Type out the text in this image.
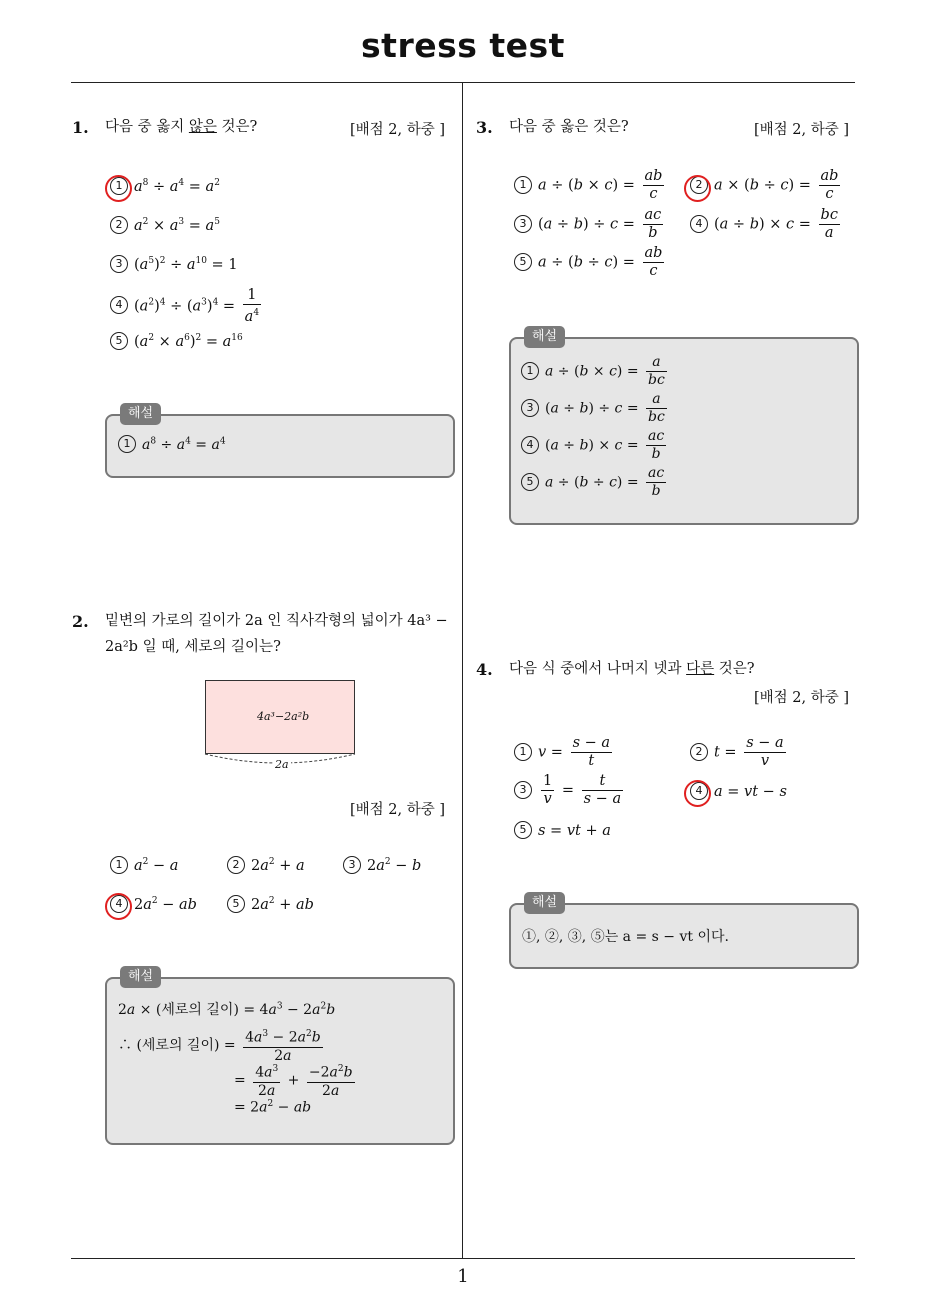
stress test
1
1. 다음 중 옳지 않은 것은?	[배점 2, 하중 ]
1 $a^8 \div a^4 = a^2$
2 $a^2 \times a^3 = a^5$
3 $(a^5)^2 \div a^{10} = 1$
4 $(a^2)^4 \div (a^3)^4 = \frac{1}{a^4}$
5 $(a^2 \times a^6)^2 = a^{16}$
해설
1 $a^8 \div a^4 = a^4$
2. 밑변의 가로의 길이가 2a 인 직사각형의 넓이가 4a³ −
2a²b 일 때, 세로의 길이는?
4a³−2a²b
2a
[배점 2, 하중 ]
1 $a^2 - a$	2 $2a^2 + a$	3 $2a^2 - b$
4 $2a^2$ − ab	5 $2a^2$ + ab
해설
2a × (세로의 길이) = $4a^3 - 2a^2b$
∴ (세로의 길이) = $\frac{4a^3 - 2a^2b}{2a}$
= $\frac{4a^3}{2a} + \frac{-2a^2b}{2a}$
= $2a^2$ − ab
3. 다음 중 옳은 것은?	[배점 2, 하중 ]
1 $a \div (b \times c) = \frac{ab}{c}$	2 $a \times (b \div c) = \frac{ab}{c}$
3 $(a \div b) \div c = \frac{ac}{b}$	4 $(a \div b) \times c = \frac{bc}{a}$
5 $a \div (b \div c) = \frac{ab}{c}$
해설
1 $a \div (b \times c) = \frac{a}{bc}$
3 $(a \div b) \div c = \frac{a}{bc}$
4 $(a \div b) \times c = \frac{ac}{b}$
5 $a \div (b \div c) = \frac{ac}{b}$
4. 다음 식 중에서 나머지 넷과 다른 것은?
[배점 2, 하중 ]
1 $v = \frac{s - a}{t}$	2 $t = \frac{s - a}{v}$
$3 \frac{1}{v} = \frac{t}{s - a}$	4 a = vt − s
5 s = vt + a
해설
①, ②, ③, ⑤는 a = s − vt 이다.
